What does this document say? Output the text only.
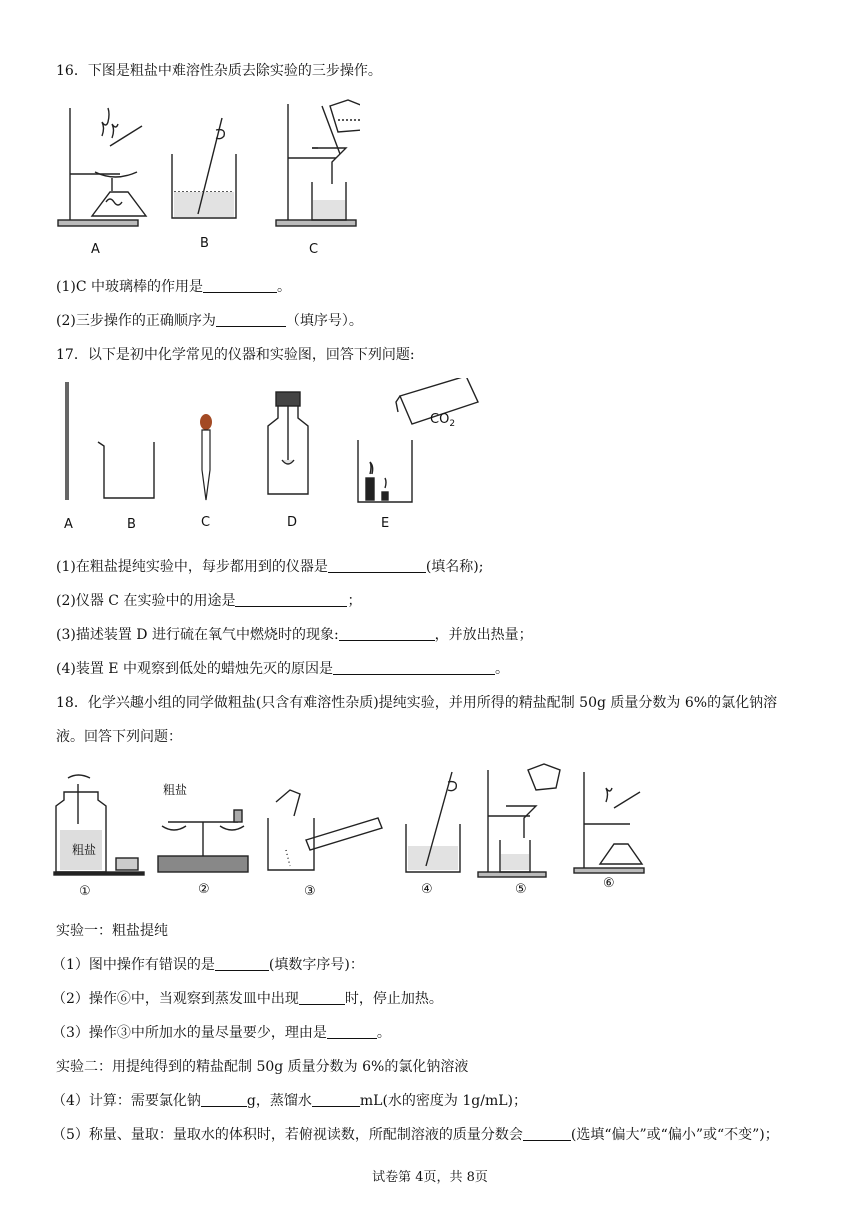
16．下图是粗盐中难溶性杂质去除实验的三步操作。
A	B	C
(1)C 中玻璃棒的作用是	。
(2)三步操作的正确顺序为	（填序号）。
17．以下是初中化学常见的仪器和实验图，回答下列问题:
$CO_2$
A	B	C	D	E
(1)在粗盐提纯实验中，每步都用到的仪器是	(填名称);
(2)仪器 C 在实验中的用途是	；
(3)描述装置 D 进行硫在氧气中燃烧时的现象:	，并放出热量；
(4)装置 E 中观察到低处的蜡烛先灭的原因是	。
18．化学兴趣小组的同学做粗盐(只含有难溶性杂质)提纯实验，并用所得的精盐配制 50g 质量分数为 6%的氯化钠溶
液。回答下列问题：
粗盐
粗盐
①	②	③	④	⑤	⑥
实验一：粗盐提纯
（1）图中操作有错误的是	(填数字序号)：
（2）操作⑥中，当观察到蒸发皿中出现	时，停止加热。
（3）操作③中所加水的量尽量要少，理由是	。
实验二：用提纯得到的精盐配制 50g 质量分数为 6%的氯化钠溶液
（4）计算：需要氯化钠	g，蒸馏水	mL(水的密度为 1g/mL)；
（5）称量、量取：量取水的体积时，若俯视读数，所配制溶液的质量分数会	(选填“偏大”或“偏小”或“不变”)；
试卷第 4页，共 8页
